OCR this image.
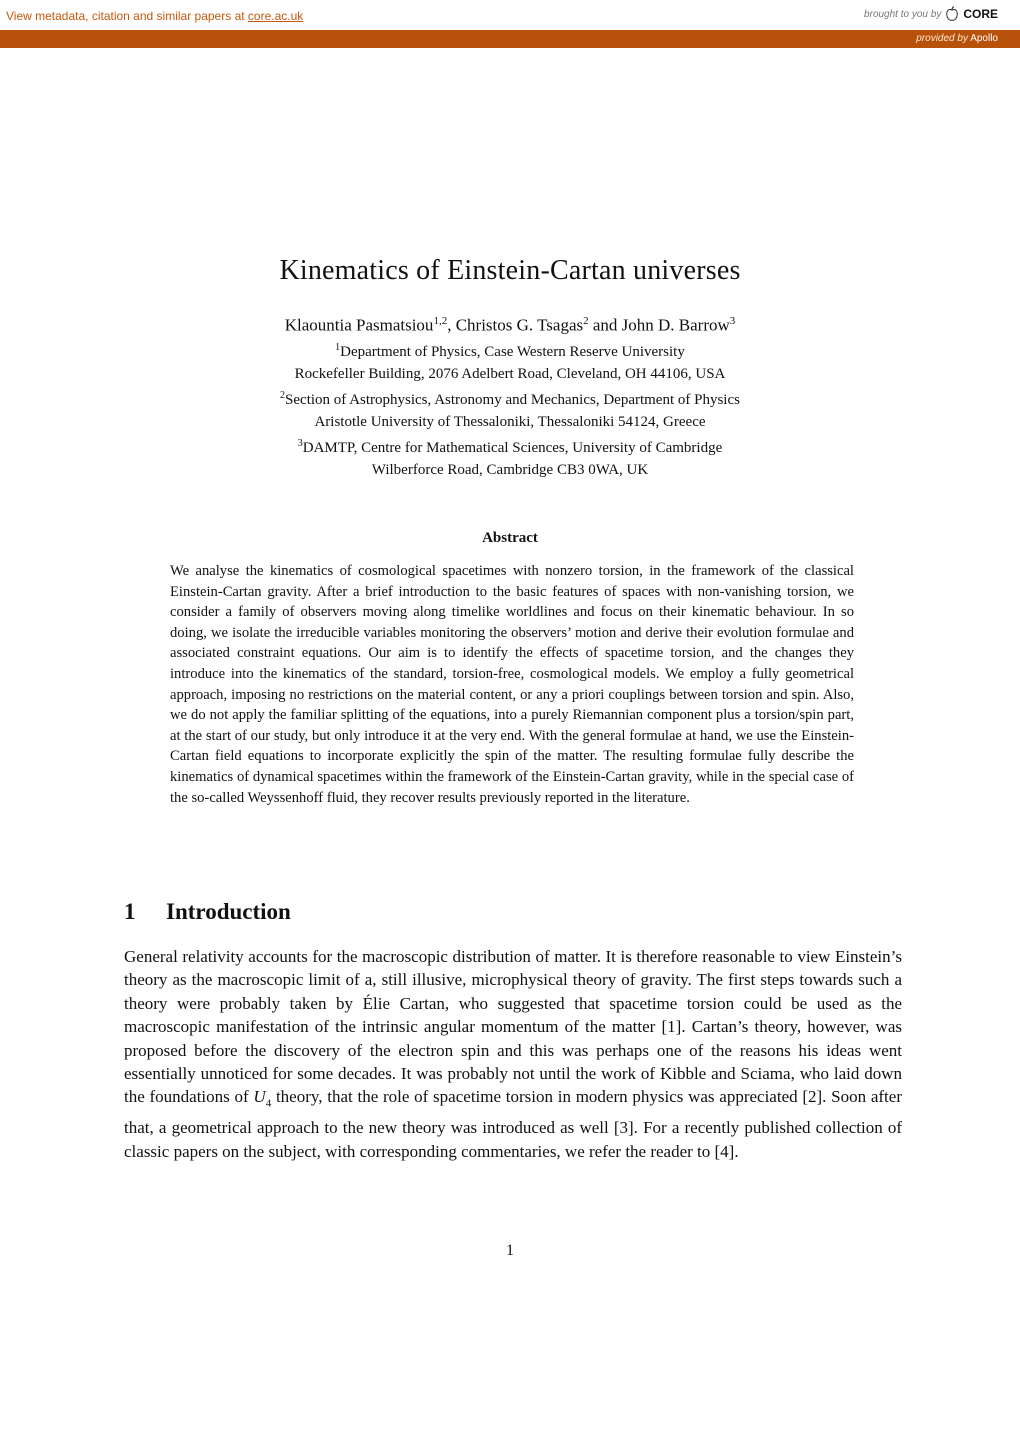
View metadata, citation and similar papers at core.ac.uk	brought to you by CORE
provided by Apollo
Kinematics of Einstein-Cartan universes
Klaountia Pasmatsiou$^{1,2}$, Christos G. Tsagas$^2$ and John D. Barrow$^3$
$^1$Department of Physics, Case Western Reserve University
Rockefeller Building, 2076 Adelbert Road, Cleveland, OH 44106, USA
$^2$Section of Astrophysics, Astronomy and Mechanics, Department of Physics
Aristotle University of Thessaloniki, Thessaloniki 54124, Greece
$^3$DAMTP, Centre for Mathematical Sciences, University of Cambridge
Wilberforce Road, Cambridge CB3 0WA, UK
Abstract
We analyse the kinematics of cosmological spacetimes with nonzero torsion, in the framework of the classical Einstein-Cartan gravity. After a brief introduction to the basic features of spaces with non-vanishing torsion, we consider a family of observers moving along timelike worldlines and focus on their kinematic behaviour. In so doing, we isolate the irreducible variables monitoring the observers’ motion and derive their evolution formulae and associated constraint equations. Our aim is to identify the effects of spacetime torsion, and the changes they introduce into the kinematics of the standard, torsion-free, cosmological models. We employ a fully geometrical approach, imposing no restrictions on the material content, or any a priori couplings between torsion and spin. Also, we do not apply the familiar splitting of the equations, into a purely Riemannian component plus a torsion/spin part, at the start of our study, but only introduce it at the very end. With the general formulae at hand, we use the Einstein-Cartan field equations to incorporate explicitly the spin of the matter. The resulting formulae fully describe the kinematics of dynamical spacetimes within the framework of the Einstein-Cartan gravity, while in the special case of the so-called Weyssenhoff fluid, they recover results previously reported in the literature.
1 Introduction
General relativity accounts for the macroscopic distribution of matter. It is therefore reasonable to view Einstein’s theory as the macroscopic limit of a, still illusive, microphysical theory of gravity. The first steps towards such a theory were probably taken by Élie Cartan, who suggested that spacetime torsion could be used as the macroscopic manifestation of the intrinsic angular momentum of the matter [1]. Cartan’s theory, however, was proposed before the discovery of the electron spin and this was perhaps one of the reasons his ideas went essentially unnoticed for some decades. It was probably not until the work of Kibble and Sciama, who laid down the foundations of $U_4$ theory, that the role of spacetime torsion in modern physics was appreciated [2]. Soon after that, a geometrical approach to the new theory was introduced as well [3]. For a recently published collection of classic papers on the subject, with corresponding commentaries, we refer the reader to [4].
1
